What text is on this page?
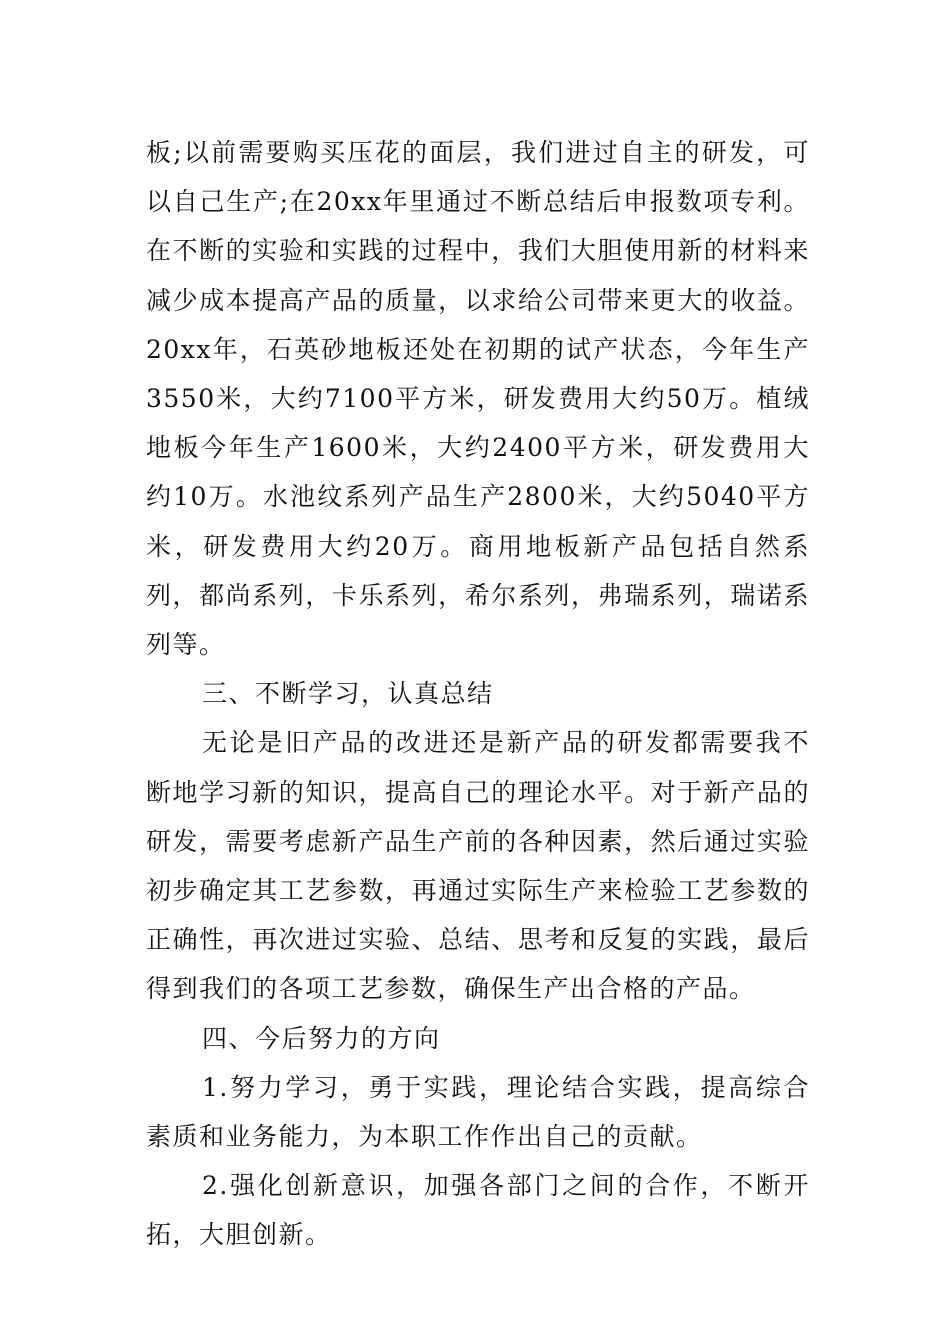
板;以前需要购买压花的面层，我们进过自主的研发，可以自己生产;在20xx年里通过不断总结后申报数项专利。在不断的实验和实践的过程中，我们大胆使用新的材料来减少成本提高产品的质量，以求给公司带来更大的收益。20xx年，石英砂地板还处在初期的试产状态，今年生产3550米，大约7100平方米，研发费用大约50万。植绒地板今年生产1600米，大约2400平方米，研发费用大约10万。水池纹系列产品生产2800米，大约5040平方米，研发费用大约20万。商用地板新产品包括自然系列，都尚系列，卡乐系列，希尔系列，弗瑞系列，瑞诺系列等。

三、不断学习，认真总结

无论是旧产品的改进还是新产品的研发都需要我不断地学习新的知识，提高自己的理论水平。对于新产品的研发，需要考虑新产品生产前的各种因素，然后通过实验初步确定其工艺参数，再通过实际生产来检验工艺参数的正确性，再次进过实验、总结、思考和反复的实践，最后得到我们的各项工艺参数，确保生产出合格的产品。

四、今后努力的方向

1.努力学习，勇于实践，理论结合实践，提高综合素质和业务能力，为本职工作作出自己的贡献。

2.强化创新意识，加强各部门之间的合作，不断开拓，大胆创新。
